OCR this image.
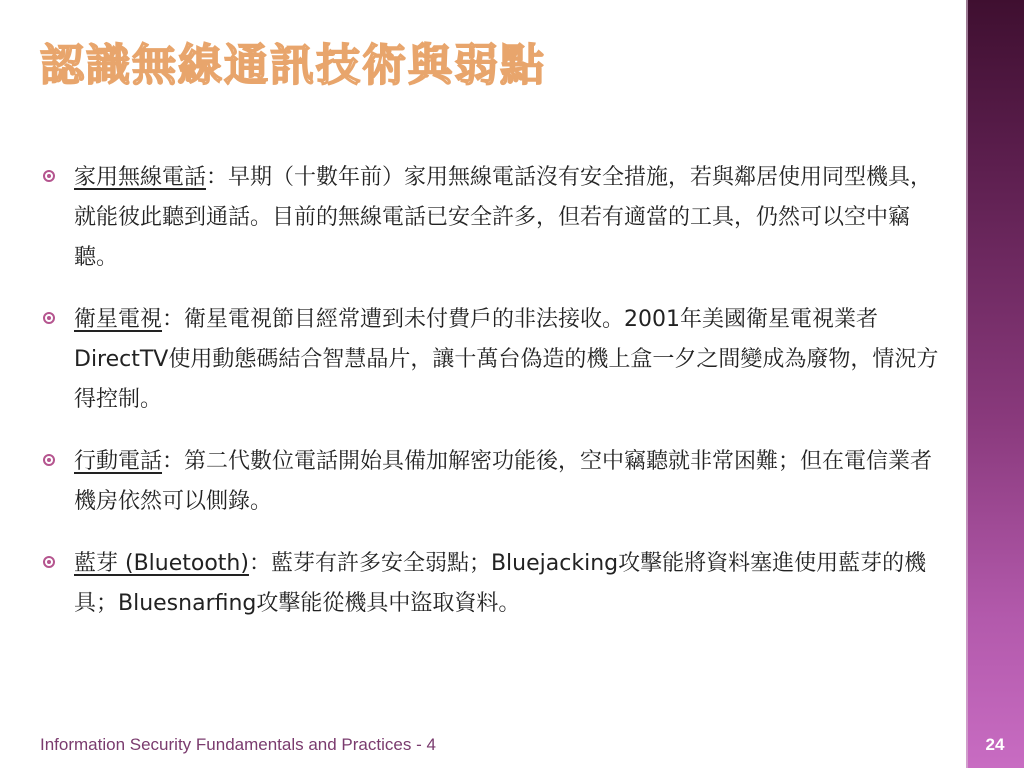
認識無線通訊技術與弱點
家用無線電話：早期（十數年前）家用無線電話沒有安全措施，若與鄰居使用同型機具，就能彼此聽到通話。目前的無線電話已安全許多，但若有適當的工具，仍然可以空中竊聽。
衛星電視：衛星電視節目經常遭到未付費戶的非法接收。2001年美國衛星電視業者DirectTV使用動態碼結合智慧晶片，讓十萬台偽造的機上盒一夕之間變成為廢物，情況方得控制。
行動電話：第二代數位電話開始具備加解密功能後，空中竊聽就非常困難；但在電信業者機房依然可以側錄。
藍芽 (Bluetooth)：藍芽有許多安全弱點；Bluejacking攻擊能將資料塞進使用藍芽的機具；Bluesnarfing攻擊能從機具中盜取資料。
Information Security Fundamentals and Practices - 4	24
